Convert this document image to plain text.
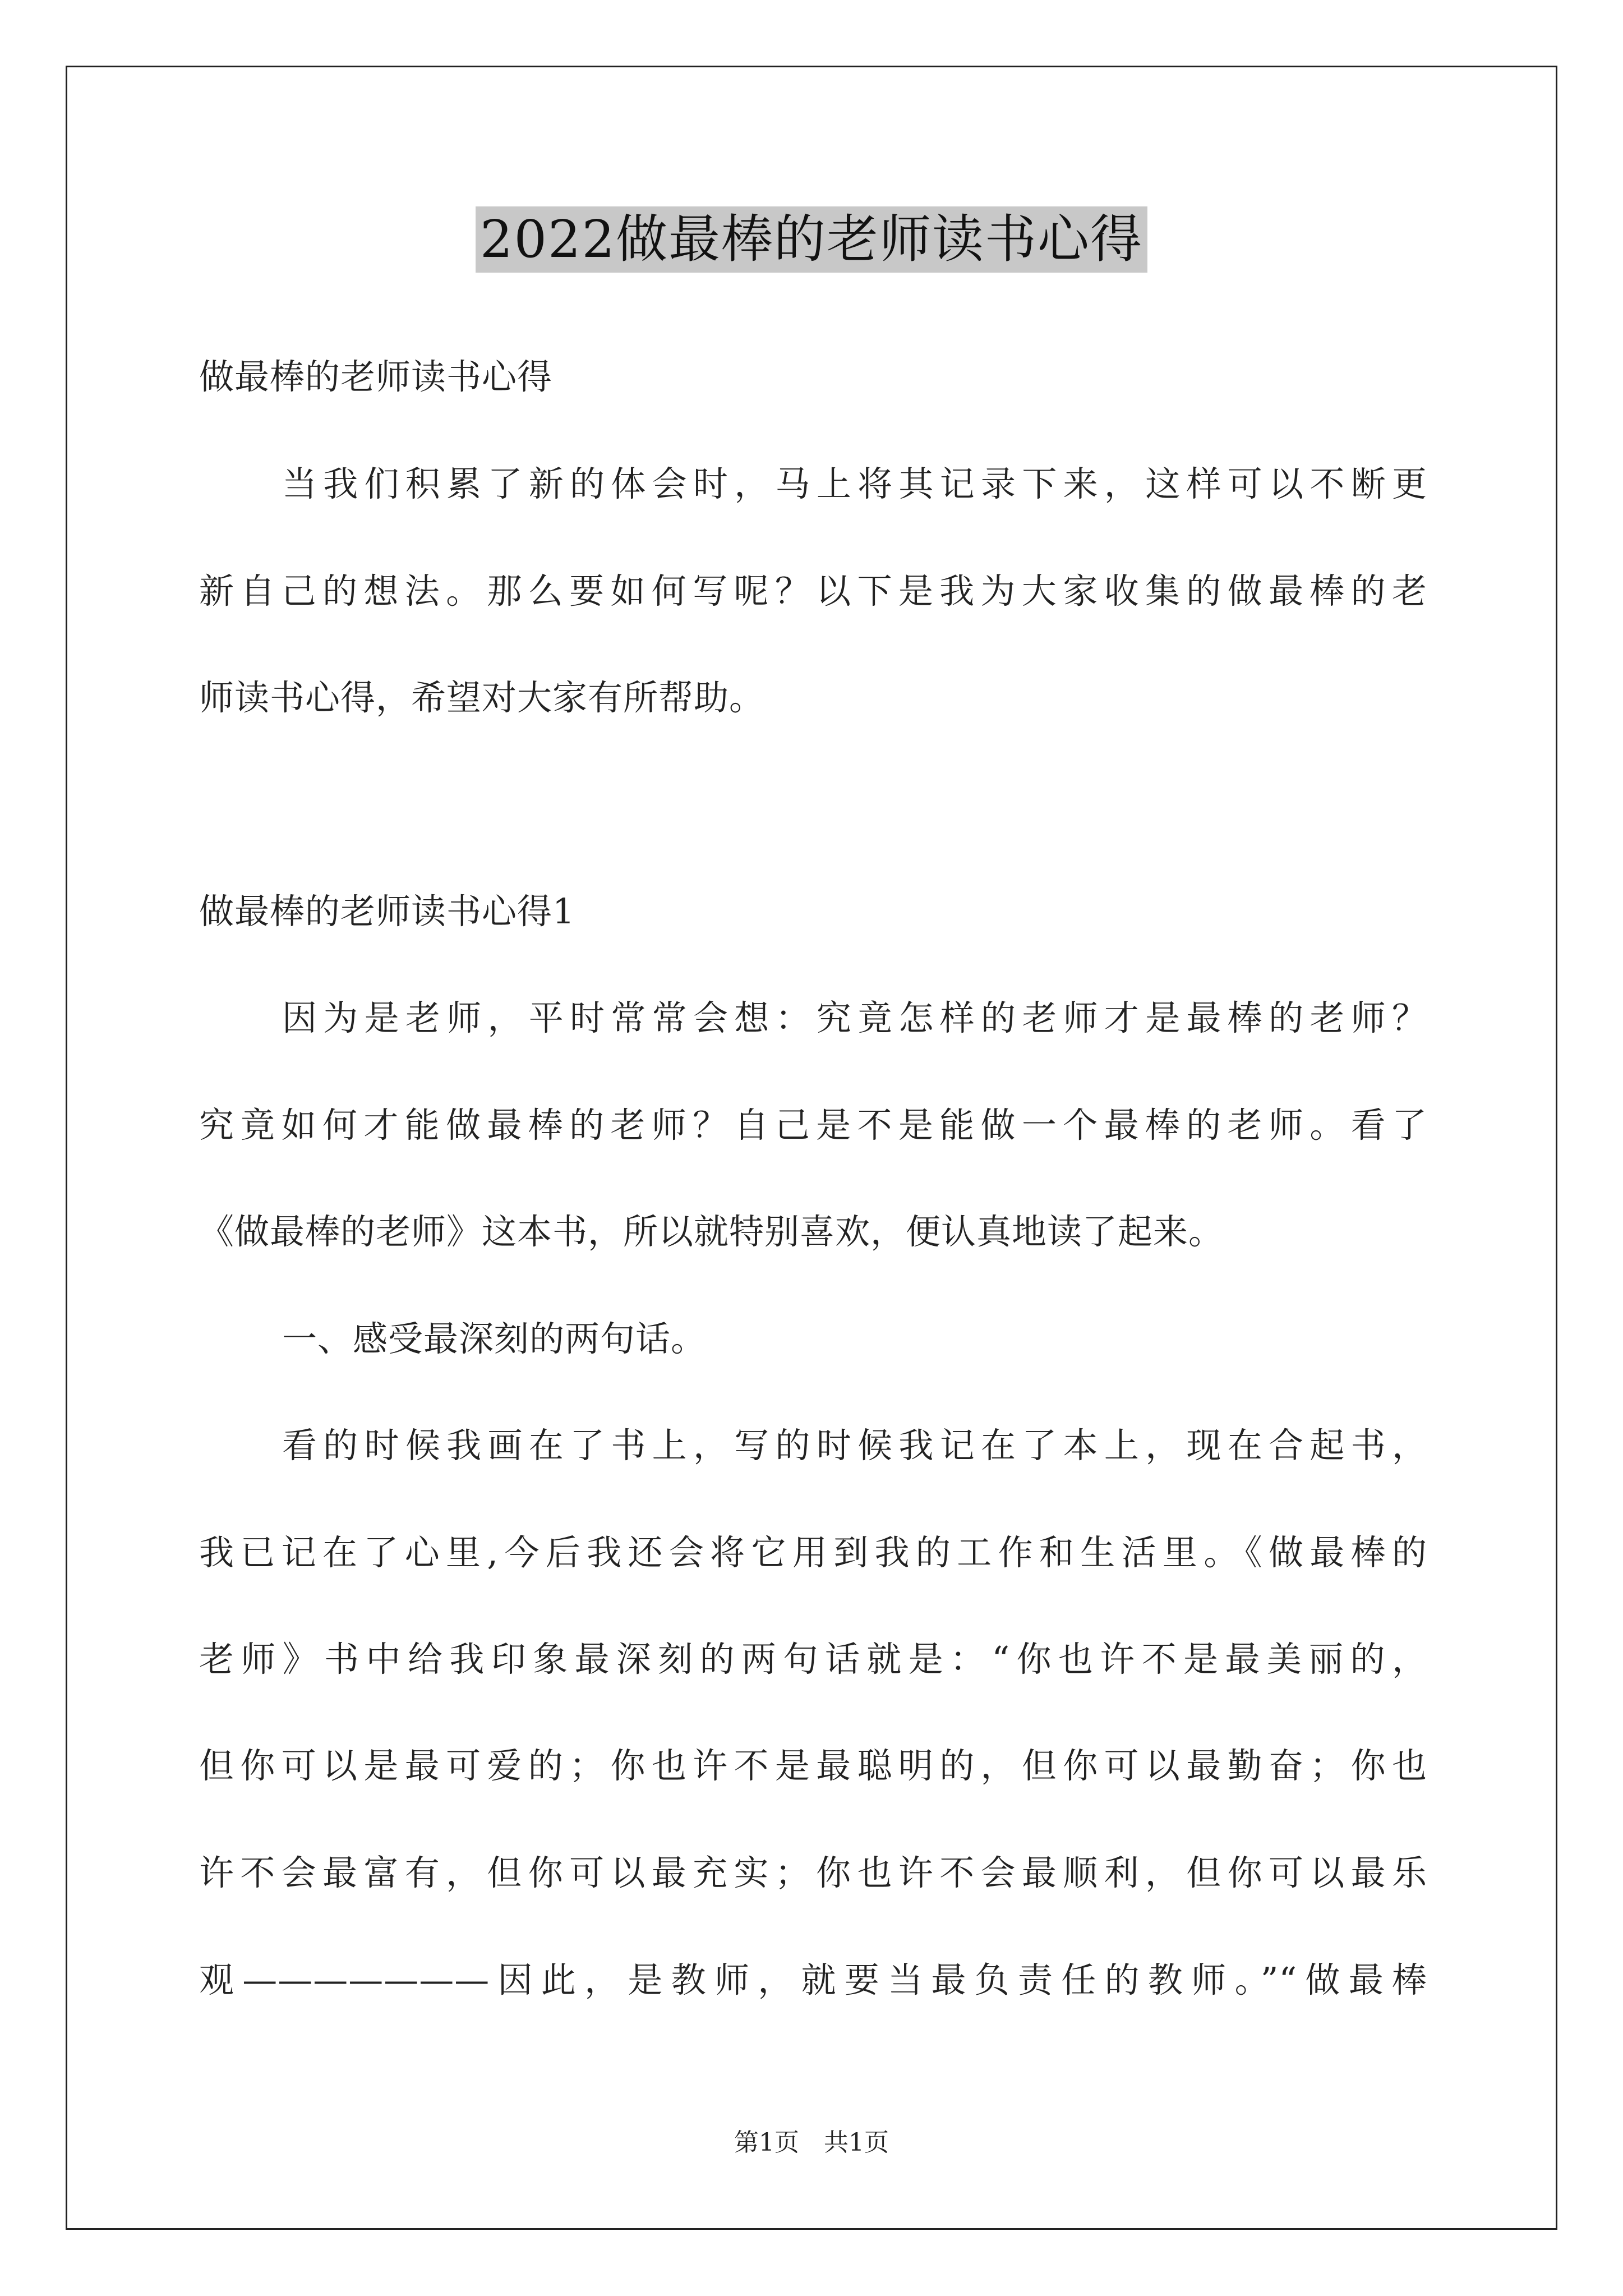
2022做最棒的老师读书心得
做最棒的老师读书心得
当我们积累了新的体会时，马上将其记录下来，这样可以不断更
新自己的想法。那么要如何写呢？以下是我为大家收集的做最棒的老
师读书心得，希望对大家有所帮助。
做最棒的老师读书心得1
因为是老师，平时常常会想：究竟怎样的老师才是最棒的老师？
究竟如何才能做最棒的老师？自己是不是能做一个最棒的老师。看了
《做最棒的老师》这本书，所以就特别喜欢，便认真地读了起来。
一、感受最深刻的两句话。
看的时候我画在了书上，写的时候我记在了本上，现在合起书，
我已记在了心里,今后我还会将它用到我的工作和生活里。《做最棒的
老师》书中给我印象最深刻的两句话就是：“你也许不是最美丽的，
但你可以是最可爱的；你也许不是最聪明的，但你可以最勤奋；你也
许不会最富有，但你可以最充实；你也许不会最顺利，但你可以最乐
观———————因此，是教师，就要当最负责任的教师。”“做最棒
第1页　共1页
